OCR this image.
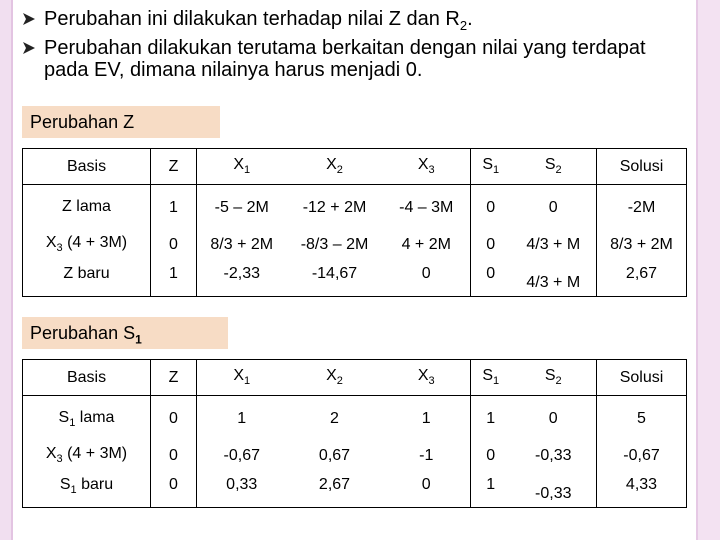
Perubahan ini dilakukan terhadap nilai Z dan $R_2$.
Perubahan dilakukan terutama berkaitan dengan nilai yang terdapat pada EV, dimana nilainya harus menjadi 0.
Perubahan Z
Basis	Z	$X_1$	$X_2$	$X_3$	$S_1$	$S_2$	Solusi
Z lama	1	-5 – 2M	-12 + 2M	-4 – 3M	0	0	-2M
$X_3$ (4 + 3M)	0	8/3 + 2M	-8/3 – 2M	4 + 2M	0	4/3 + M	8/3 + 2M
Z baru	1	-2,33	-14,67	0	0	4/3 + M	2,67
Perubahan $S_1$
Basis	Z	$X_1$	$X_2$	$X_3$	$S_1$	$S_2$	Solusi
$S_1$ lama	0	1	2	1	1	0	5
$X_3$ (4 + 3M)	0	-0,67	0,67	-1	0	-0,33	-0,67
$S_1$ baru	0	0,33	2,67	0	1	-0,33	4,33
